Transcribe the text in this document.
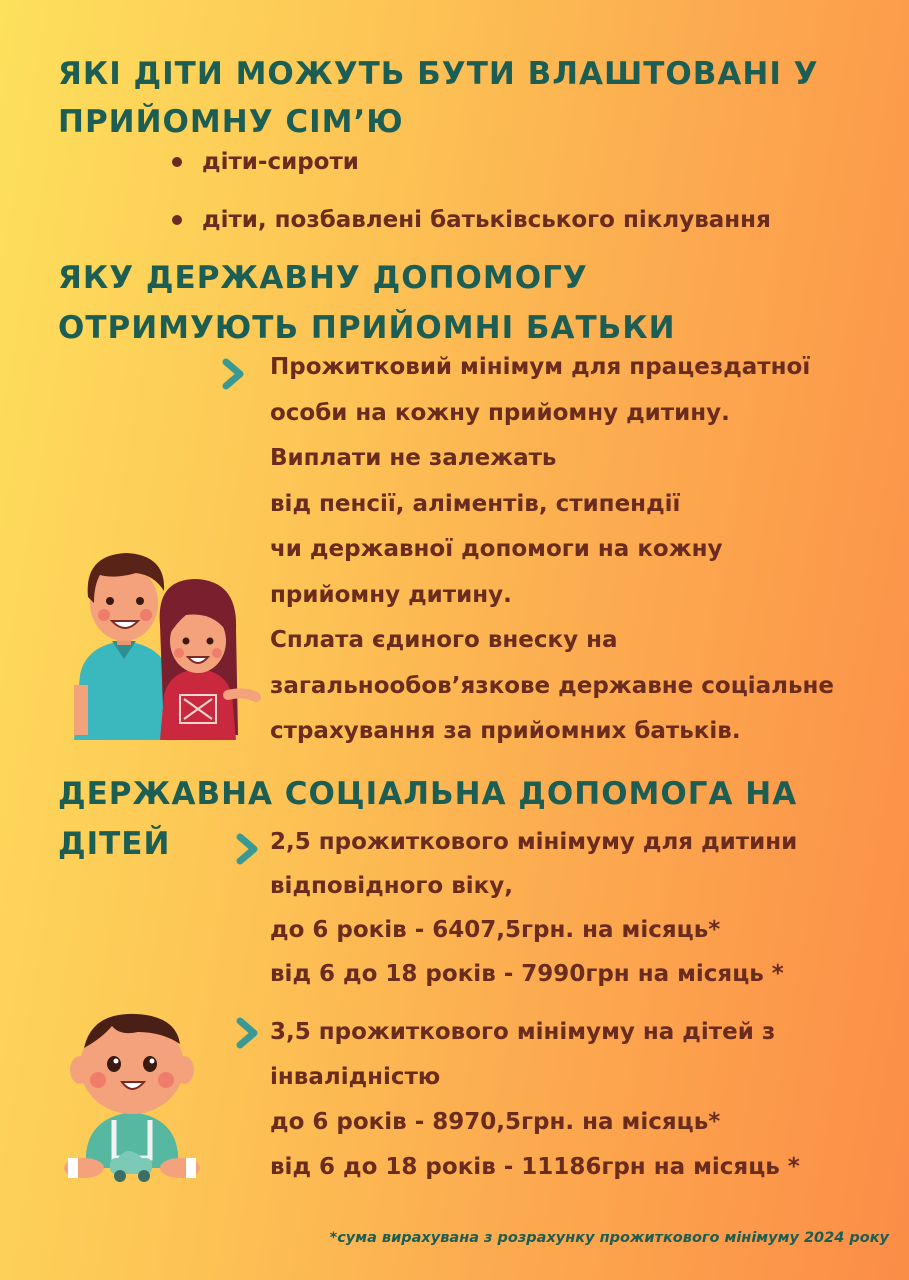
ЯКІ ДІТИ МОЖУТЬ БУТИ ВЛАШТОВАНІ У
ПРИЙОМНУ СІМ’Ю
діти-сироти
діти, позбавлені батьківського піклування
ЯКУ ДЕРЖАВНУ ДОПОМОГУ
ОТРИМУЮТЬ ПРИЙОМНІ БАТЬКИ
Прожитковий мінімум для працездатної
особи на кожну прийомну дитину.
Виплати не залежать
від пенсії, аліментів, стипендії
чи державної допомоги на кожну
прийомну дитину.
Сплата єдиного внеску на
загальнообов’язкове державне соціальне
страхування за прийомних батьків.
ДЕРЖАВНА СОЦІАЛЬНА ДОПОМОГА НА
ДІТЕЙ	2,5 прожиткового мінімуму для дитини
відповідного віку,
до 6 років - 6407,5грн. на місяць*
від 6 до 18 років - 7990грн на місяць *
3,5 прожиткового мінімуму на дітей з
інвалідністю
до 6 років - 8970,5грн. на місяць*
від 6 до 18 років - 11186грн на місяць *
*сума вирахувана з розрахунку прожиткового мінімуму 2024 року
